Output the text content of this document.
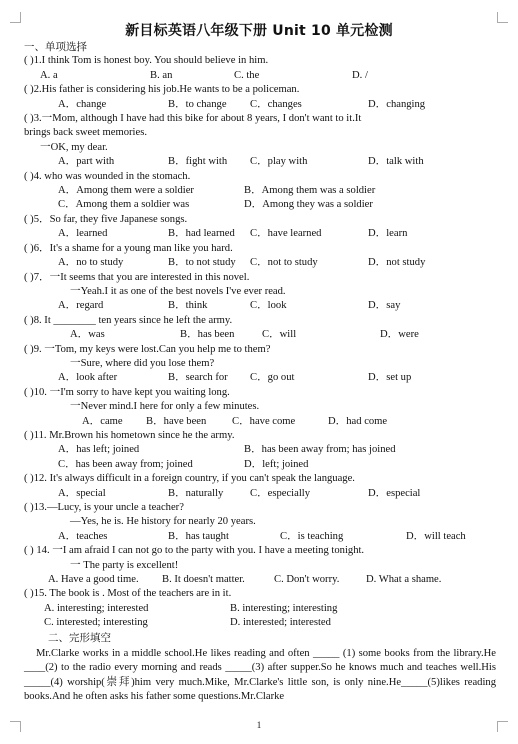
新目标英语八年级下册 Unit 10 单元检测
一、单项选择
( )1.I think Tom is honest boy. You should believe in him.
A. a	B. an	C. the	D. /
( )2.His father is considering his job.He wants to be a policeman.
A．change	B．to change	C．changes	D．changing
( )3.一Mom, although I have had this bike for about 8 years, I don't want to it.It
brings back sweet memories.
一OK, my dear.
A．part with	B．fight with	C．play with	D．talk with
( )4. who was wounded in the stomach.
A．Among them were a soldier	B．Among them was a soldier
C．Among them a soldier was	D．Among they was a soldier
( )5．So far, they five Japanese songs.
A．learned	B．had learned	C．have learned	D．learn
( )6．It's a shame for a young man like you hard.
A．no to study	B．to not study	C．not to study	D．not study
( )7．一It seems that you are interested in this novel.
一Yeah.I it as one of the best novels I've ever read.
A．regard	B．think	C．look	D．say
( )8. It ________ ten years since he left the army.
A．was	B．has been	C．will	D．were
( )9. 一Tom, my keys were lost.Can you help me to them?
一Sure, where did you lose them?
A．look after	B．search for	C．go out	D．set up
( )10. 一I'm sorry to have kept you waiting long.
一Never mind.I here for only a few minutes.
A．came	B．have been	C．have come	D．had come
( )11. Mr.Brown his hometown since he the army.
A．has left; joined	B．has been away from; has joined
C．has been away from; joined	D．left; joined
( )12. It's always difficult in a foreign country, if you can't speak the language.
A．special	B．naturally	C．especially	D．especial
( )13.—Lucy, is your uncle a teacher?
—Yes, he is. He history for nearly 20 years.
A．teaches	B．has taught	C．is teaching	D．will teach
( ) 14. 一I am afraid I can not go to the party with you. I have a meeting tonight.
一 The party is excellent!
A. Have a good time.	B. It doesn't matter.	C. Don't worry.	D. What a shame.
( )15. The book is . Most of the teachers are in it.
A. interesting; interested	B. interesting; interesting
C. interested; interesting	D. interested; interested
二、完形填空
Mr.Clarke works in a middle school.He likes reading and often _____ (1) some books from the library.He ____(2) to the radio every morning and reads _____(3) after supper.So he knows much and teaches well.His _____(4) worship(崇拜)him very much.Mike, Mr.Clarke's little son, is only nine.He_____(5)likes reading books.And he often asks his father some questions.Mr.Clarke
1
